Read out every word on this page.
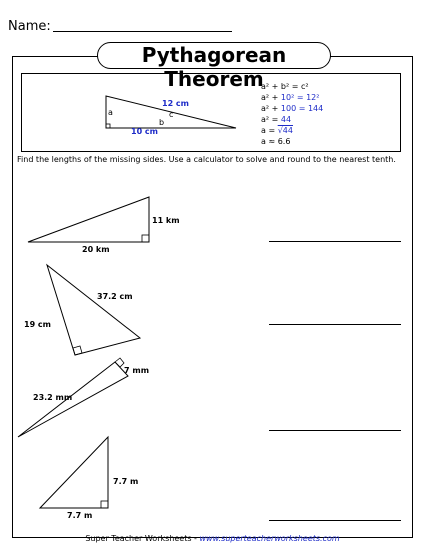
Name:
Pythagorean Theorem
a	c
b
12 cm
10 cm
a² + b² = c²
a² + 10² = 12²
a² + 100 = 144
a² = 44
a = √44
a ≈ 6.6
Find the lengths of the missing sides. Use a calculator to solve and round to the nearest tenth.
11 km
20 km
37.2 cm
19 cm
7 mm
23.2 mm
7.7 m
7.7 m
Super Teacher Worksheets - www.superteacherworksheets.com
